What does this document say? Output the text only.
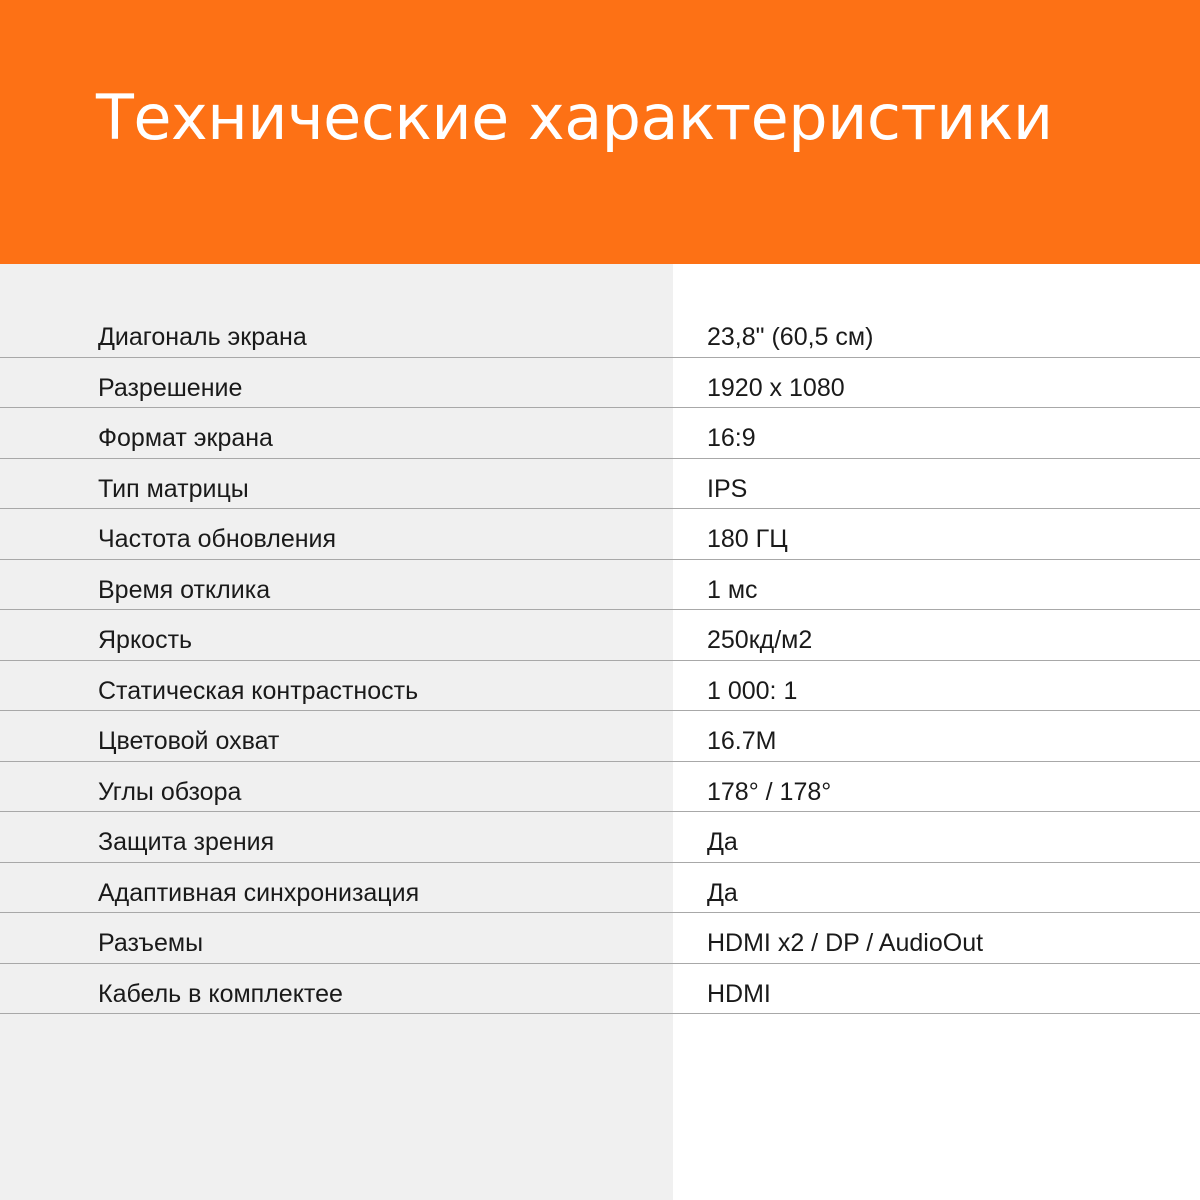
Технические характеристики
Диагональ экрана	23,8" (60,5 см)
Разрешение	1920 x 1080
Формат экрана	16:9
Тип матрицы	IPS
Частота обновления	180 ГЦ
Время отклика	1 мс
Яркость	250кд/м2
Статическая контрастность	1 000: 1
Цветовой охват	16.7M
Углы обзора	178° / 178°
Защита зрения	Да
Адаптивная синхронизация	Да
Разъемы	HDMI x2 / DP / AudioOut
Кабель в комплектее	HDMI
